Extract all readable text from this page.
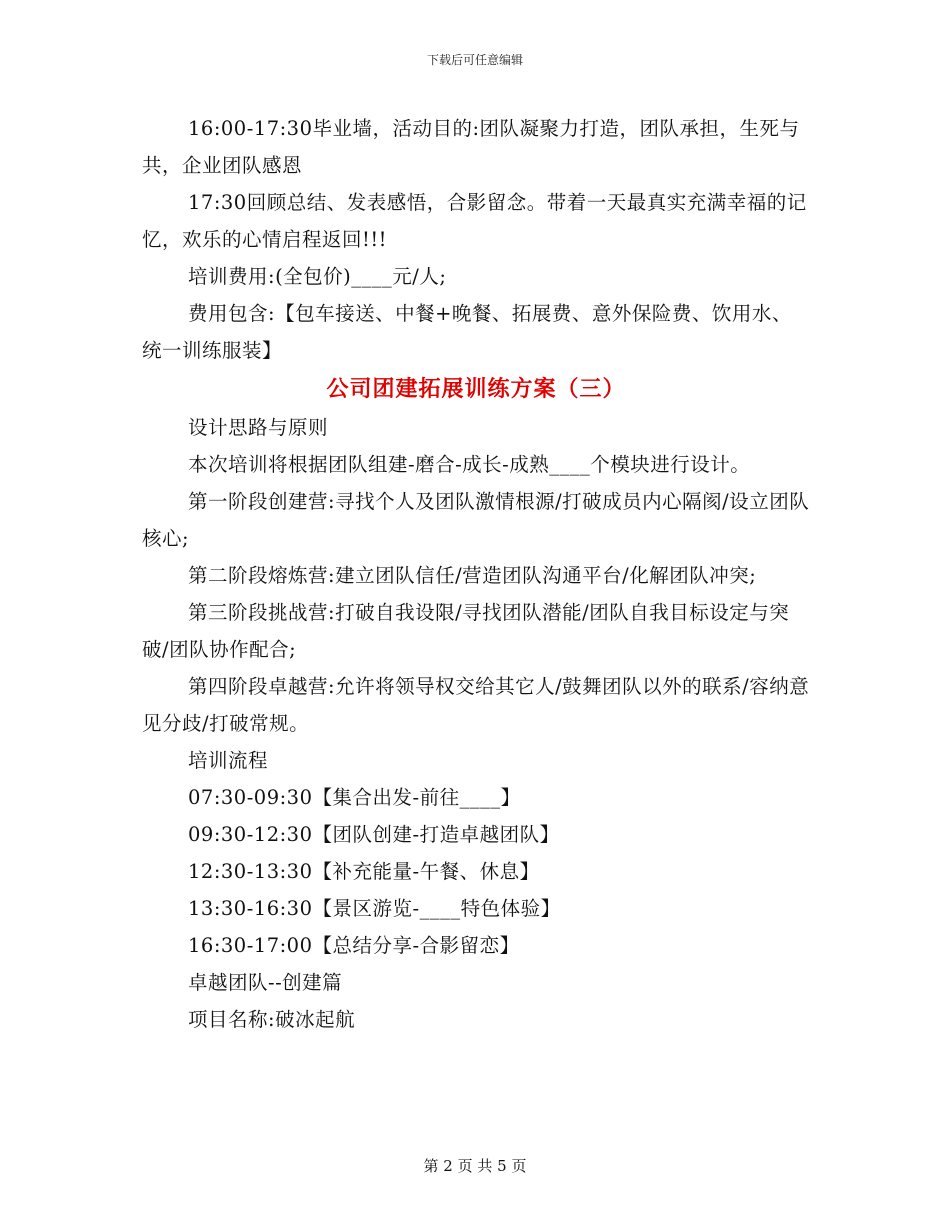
下载后可任意编辑

16:00-17:30毕业墙，活动目的:团队凝聚力打造，团队承担，生死与共，企业团队感恩

17:30回顾总结、发表感悟，合影留念。带着一天最真实充满幸福的记忆，欢乐的心情启程返回!!!

培训费用:(全包价)____元/人;

费用包含:【包车接送、中餐+晚餐、拓展费、意外保险费、饮用水、统一训练服装】

公司团建拓展训练方案（三）

设计思路与原则

本次培训将根据团队组建-磨合-成长-成熟____个模块进行设计。

第一阶段创建营:寻找个人及团队激情根源/打破成员内心隔阂/设立团队核心;

第二阶段熔炼营:建立团队信任/营造团队沟通平台/化解团队冲突;

第三阶段挑战营:打破自我设限/寻找团队潜能/团队自我目标设定与突破/团队协作配合;

第四阶段卓越营:允许将领导权交给其它人/鼓舞团队以外的联系/容纳意见分歧/打破常规。

培训流程

07:30-09:30【集合出发-前往____】

09:30-12:30【团队创建-打造卓越团队】

12:30-13:30【补充能量-午餐、休息】

13:30-16:30【景区游览-____特色体验】

16:30-17:00【总结分享-合影留恋】

卓越团队--创建篇

项目名称:破冰起航

第 2 页 共 5 页
